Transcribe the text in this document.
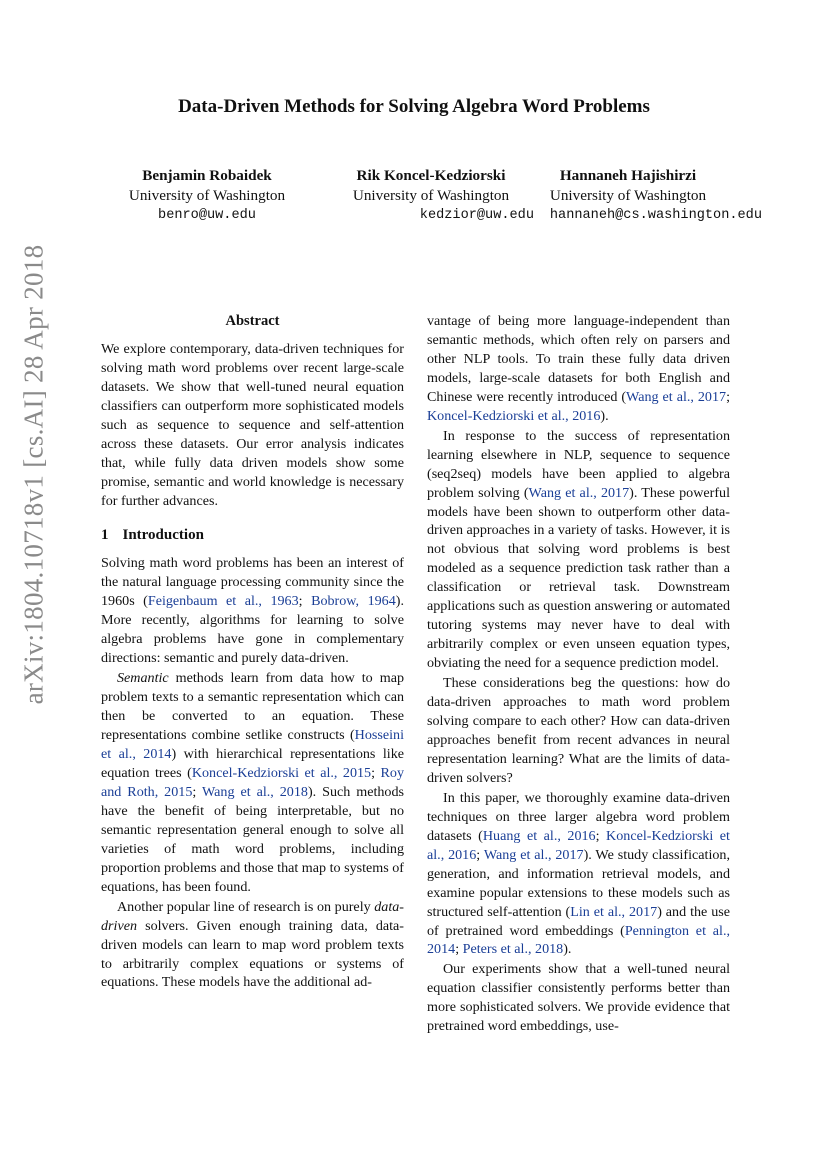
arXiv:1804.10718v1 [cs.AI] 28 Apr 2018
Data-Driven Methods for Solving Algebra Word Problems
Benjamin Robaidek
University of Washington
benro@uw.edu
Rik Koncel-Kedziorski
University of Washington
kedzior@uw.edu
Hannaneh Hajishirzi
University of Washington
hannaneh@cs.washington.edu
Abstract

We explore contemporary, data-driven techniques for solving math word problems over recent large-scale datasets. We show that well-tuned neural equation classifiers can outperform more sophisticated models such as sequence to sequence and self-attention across these datasets. Our error analysis indicates that, while fully data driven models show some promise, semantic and world knowledge is necessary for further advances.

1 Introduction

Solving math word problems has been an interest of the natural language processing community since the 1960s (Feigenbaum et al., 1963; Bobrow, 1964). More recently, algorithms for learning to solve algebra problems have gone in complementary directions: semantic and purely data-driven.

Semantic methods learn from data how to map problem texts to a semantic representation which can then be converted to an equation. These representations combine setlike constructs (Hosseini et al., 2014) with hierarchical representations like equation trees (Koncel-Kedziorski et al., 2015; Roy and Roth, 2015; Wang et al., 2018). Such methods have the benefit of being interpretable, but no semantic representation general enough to solve all varieties of math word problems, including proportion problems and those that map to systems of equations, has been found.

Another popular line of research is on purely data-driven solvers. Given enough training data, data-driven models can learn to map word problem texts to arbitrarily complex equations or systems of equations. These models have the additional ad-

vantage of being more language-independent than semantic methods, which often rely on parsers and other NLP tools. To train these fully data driven models, large-scale datasets for both English and Chinese were recently introduced (Wang et al., 2017; Koncel-Kedziorski et al., 2016).

In response to the success of representation learning elsewhere in NLP, sequence to sequence (seq2seq) models have been applied to algebra problem solving (Wang et al., 2017). These powerful models have been shown to outperform other data-driven approaches in a variety of tasks. However, it is not obvious that solving word problems is best modeled as a sequence prediction task rather than a classification or retrieval task. Downstream applications such as question answering or automated tutoring systems may never have to deal with arbitrarily complex or even unseen equation types, obviating the need for a sequence prediction model.

These considerations beg the questions: how do data-driven approaches to math word problem solving compare to each other? How can data-driven approaches benefit from recent advances in neural representation learning? What are the limits of data-driven solvers?

In this paper, we thoroughly examine data-driven techniques on three larger algebra word problem datasets (Huang et al., 2016; Koncel-Kedziorski et al., 2016; Wang et al., 2017). We study classification, generation, and information retrieval models, and examine popular extensions to these models such as structured self-attention (Lin et al., 2017) and the use of pretrained word embeddings (Pennington et al., 2014; Peters et al., 2018).

Our experiments show that a well-tuned neural equation classifier consistently performs better than more sophisticated solvers. We provide evidence that pretrained word embeddings, use-
